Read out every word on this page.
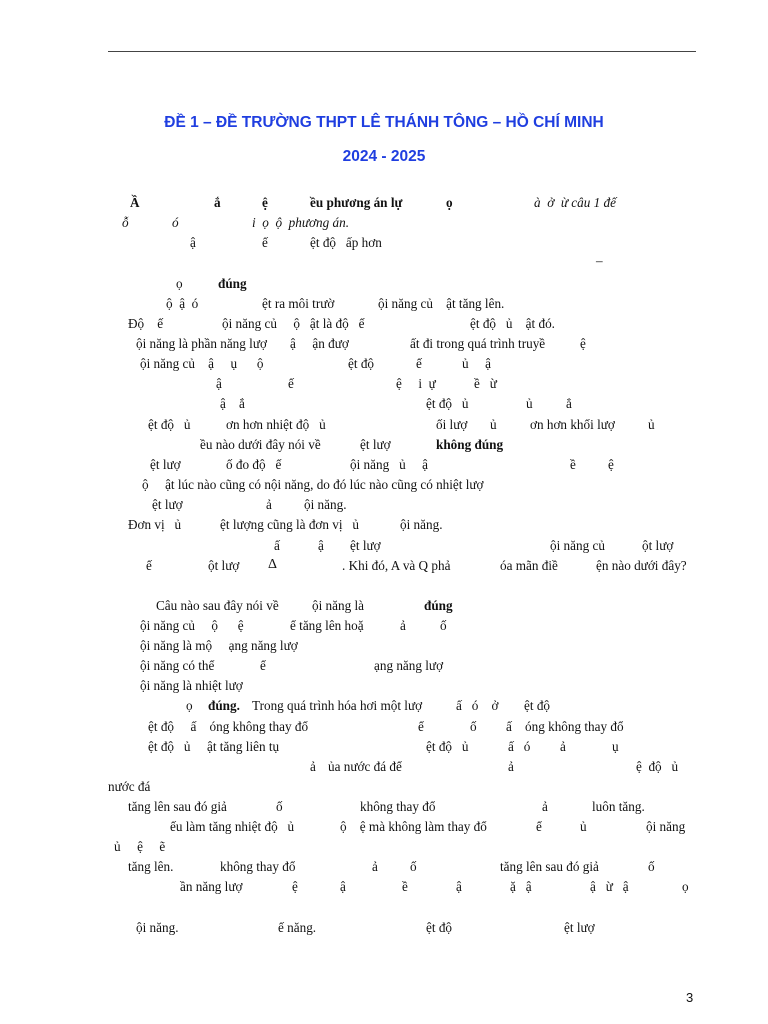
ĐỀ 1 – ĐỀ TRƯỜNG THPT LÊ THÁNH TÔNG – HỒ CHÍ MINH
2024 - 2025
Ầ	ắ	ệ	ều phương án lự	ọ	à  ở  ừ câu 1 đế
ỗ	ó	i  ọ  ộ  phương án.
ậ	ế	ệt độ   ấp hơn
–
ọ	đúng
ộ  ậ  ó	ệt ra môi trườ	ội năng củ    ật tăng lên.
Độ    ế	ội năng củ     ộ   ật là độ   ế	ệt độ   ủ    ật đó.
ội năng là phần năng lượ       ậ     ận đượ	ất đi trong quá trình truyề	ệ
ội năng củ    ậ     ụ      ộ	ệt độ	ế	ủ     ậ
ậ	ế	ệ     i  ự	ề   ừ
ậ    ắ	ệt độ   ủ	ủ	ẳ
ệt độ   ủ	ơn hơn nhiệt độ   ủ	ối lượ ủ	ơn hơn khối lượ	ủ
ều nào dưới đây nói về	ệt lượ	không đúng
ệt lượ	ố đo độ   ế	ội năng   ủ     ậ	ề ệ
ộ     ật lúc nào cũng có nội năng, do đó lúc nào cũng có nhiệt lượ
ệt lượ	ả ội năng.
Đơn vị   ủ	ệt lượng cũng là đơn vị   ủ	ội năng.
ấ	ậ ệt lượ	ội năng củ	ột lượ
ế	ột lượ Δ	. Khi đó, A và Q phả	óa mãn điề	ện nào dưới đây?
Câu nào sau đây nói về	ội năng là	đúng
ội năng củ     ộ      ệ	ể tăng lên hoặ	ả	ố
ội năng là mộ     ạng năng lượ
ội năng có thể	ể	ạng năng lượ
ội năng là nhiệt lượ
ọ đúng. Trong quá trình hóa hơi một lượ	ấ   ó    ở ệt độ
ệt độ     ấ    óng không thay đổ	ể	ố ấ    óng không thay đổ
ệt độ   ủ     ật tăng liên tụ	ệt độ   ủ	ấ   ó ả	ụ
ả ủa nước đá để	ả	ệ  độ   ủ
nước đá
tăng lên sau đó giả	ố	không thay đổ	ả	luôn tăng.
ếu làm tăng nhiệt độ   ủ	ộ    ệ mà không làm thay đổ	ể	ủ	ội năng
ủ     ệ     ẽ
tăng lên.	không thay đổ	ả ố	tăng lên sau đó giả	ố
ần năng lượ	ệ	ậ	ề	ậ	ặ   ậ	ậ   ừ   ậ	ọ
ội năng.	ế năng.	ệt độ	ệt lượ
3
